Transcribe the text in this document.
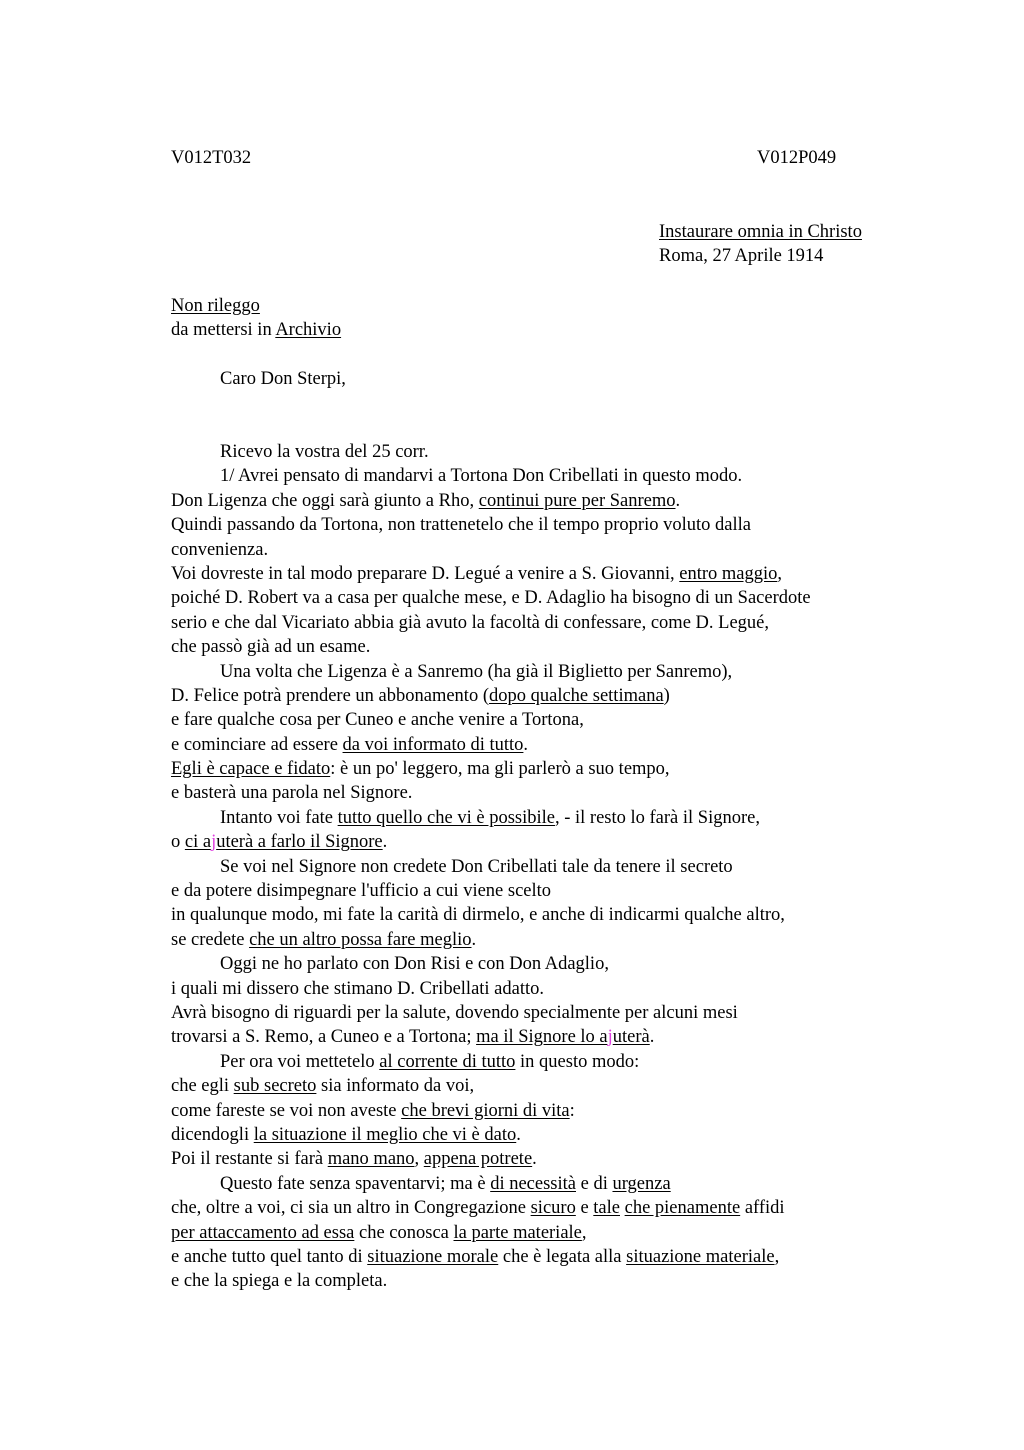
V012T032	V012P049
Instaurare omnia in Christo
Roma, 27 Aprile 1914
Non rileggo
da mettersi in Archivio
Caro Don Sterpi,
Ricevo la vostra del 25 corr.
1/ Avrei pensato di mandarvi a Tortona Don Cribellati in questo modo.
Don Ligenza che oggi sarà giunto a Rho, continui pure per Sanremo.
Quindi passando da Tortona, non trattenetelo che il tempo proprio voluto dalla
convenienza.
Voi dovreste in tal modo preparare D. Legué a venire a S. Giovanni, entro maggio,
poiché D. Robert va a casa per qualche mese, e D. Adaglio ha bisogno di un Sacerdote
serio e che dal Vicariato abbia già avuto la facoltà di confessare, come D. Legué,
che passò già ad un esame.
Una volta che Ligenza è a Sanremo (ha già il Biglietto per Sanremo),
D. Felice potrà prendere un abbonamento (dopo qualche settimana)
e fare qualche cosa per Cuneo e anche venire a Tortona,
e cominciare ad essere da voi informato di tutto.
Egli è capace e fidato: è un po' leggero, ma gli parlerò a suo tempo,
e basterà una parola nel Signore.
Intanto voi fate tutto quello che vi è possibile, - il resto lo farà il Signore,
o ci ajuterà a farlo il Signore.
Se voi nel Signore non credete Don Cribellati tale da tenere il secreto
e da potere disimpegnare l'ufficio a cui viene scelto
in qualunque modo, mi fate la carità di dirmelo, e anche di indicarmi qualche altro,
se credete che un altro possa fare meglio.
Oggi ne ho parlato con Don Risi e con Don Adaglio,
i quali mi dissero che stimano D. Cribellati adatto.
Avrà bisogno di riguardi per la salute, dovendo specialmente per alcuni mesi
trovarsi a S. Remo, a Cuneo e a Tortona; ma il Signore lo ajuterà.
Per ora voi mettetelo al corrente di tutto in questo modo:
che egli sub secreto sia informato da voi,
come fareste se voi non aveste che brevi giorni di vita:
dicendogli la situazione il meglio che vi è dato.
Poi il restante si farà mano mano, appena potrete.
Questo fate senza spaventarvi; ma è di necessità e di urgenza
che, oltre a voi, ci sia un altro in Congregazione sicuro e tale che pienamente affidi
per attaccamento ad essa che conosca la parte materiale,
e anche tutto quel tanto di situazione morale che è legata alla situazione materiale,
e che la spiega e la completa.
